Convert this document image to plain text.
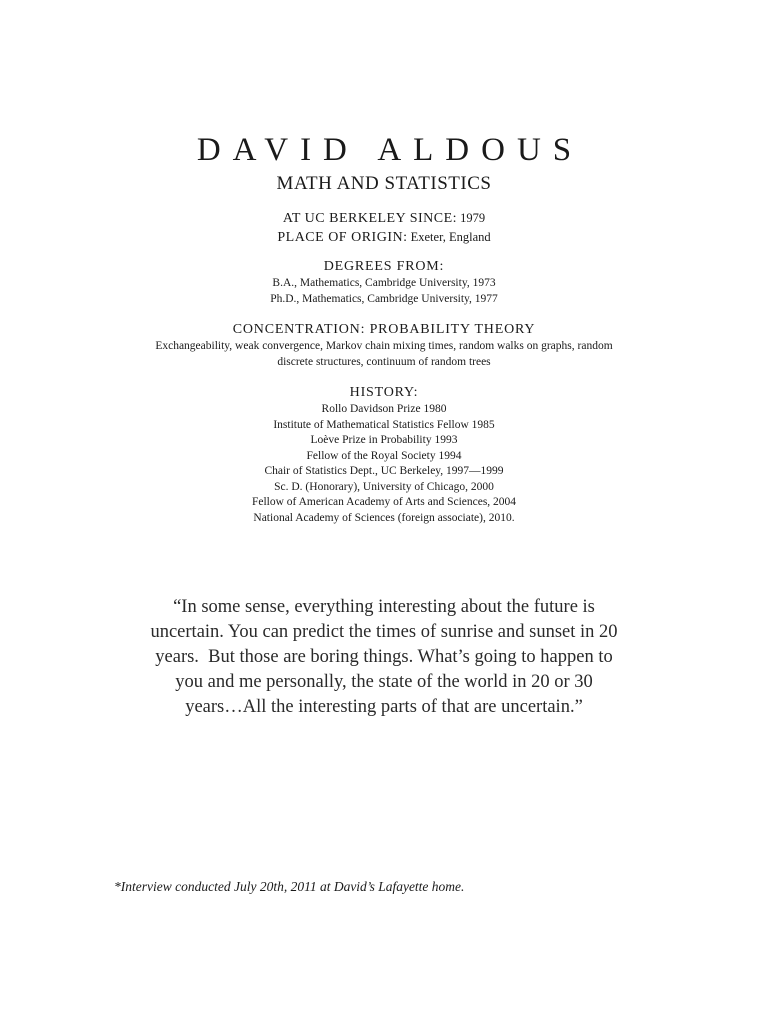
DAVID ALDOUS
MATH AND STATISTICS
AT UC BERKELEY SINCE: 1979
PLACE OF ORIGIN: Exeter, England
DEGREES FROM:
B.A., Mathematics, Cambridge University, 1973
Ph.D., Mathematics, Cambridge University, 1977
CONCENTRATION: PROBABILITY THEORY
Exchangeability, weak convergence, Markov chain mixing times, random walks on graphs, random
discrete structures, continuum of random trees
HISTORY:
Rollo Davidson Prize 1980
Institute of Mathematical Statistics Fellow 1985
Loève Prize in Probability 1993
Fellow of the Royal Society 1994
Chair of Statistics Dept., UC Berkeley, 1997—1999
Sc. D. (Honorary), University of Chicago, 2000
Fellow of American Academy of Arts and Sciences, 2004
National Academy of Sciences (foreign associate), 2010.
“In some sense, everything interesting about the future is
uncertain. You can predict the times of sunrise and sunset in 20
years.  But those are boring things. What’s going to happen to
you and me personally, the state of the world in 20 or 30
years…All the interesting parts of that are uncertain.”
*Interview conducted July 20th, 2011 at David’s Lafayette home.
